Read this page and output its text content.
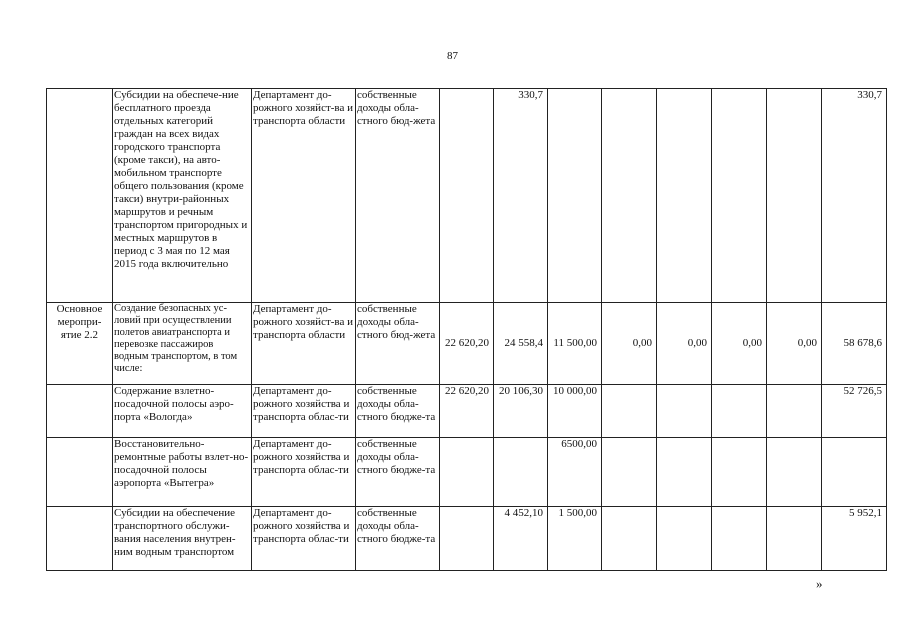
87
	Субсидии на обеспече-ние бесплатного проезда отдельных категорий граждан на всех видах городского транспорта (кроме такси), на авто-мобильном транспорте общего пользования (кроме такси) внутри-районных маршрутов и речным транспортом пригородных и местных маршрутов в период с 3 мая по 12 мая 2015 года включительно	Департамент до-рожного хозяйст-ва и транспорта области	собственные доходы обла-стного бюд-жета		330,7						330,7
Основное меропри-ятие 2.2	Создание безопасных ус-ловий при осуществлении полетов авиатранспорта и перевозке пассажиров водным транспортом, в том числе:	Департамент до-рожного хозяйст-ва и транспорта области	собственные доходы обла-стного бюд-жета	22 620,20	24 558,4	11 500,00	0,00	0,00	0,00	0,00	58 678,6
	Содержание взлетно-посадочной полосы аэро-порта «Вологда»	Департамент до-рожного хозяйства и транспорта облас-ти	собственные доходы обла-стного бюдже-та	22 620,20	20 106,30	10 000,00					52 726,5
	Восстановительно-ремонтные работы взлет-но-посадочной полосы аэропорта «Вытегра»	Департамент до-рожного хозяйства и транспорта облас-ти	собственные доходы обла-стного бюдже-та			6500,00					
	Субсидии на обеспечение транспортного обслужи-вания населения внутрен-ним водным транспортом	Департамент до-рожного хозяйства и транспорта облас-ти	собственные доходы обла-стного бюдже-та		4 452,10	1 500,00					5 952,1
»
